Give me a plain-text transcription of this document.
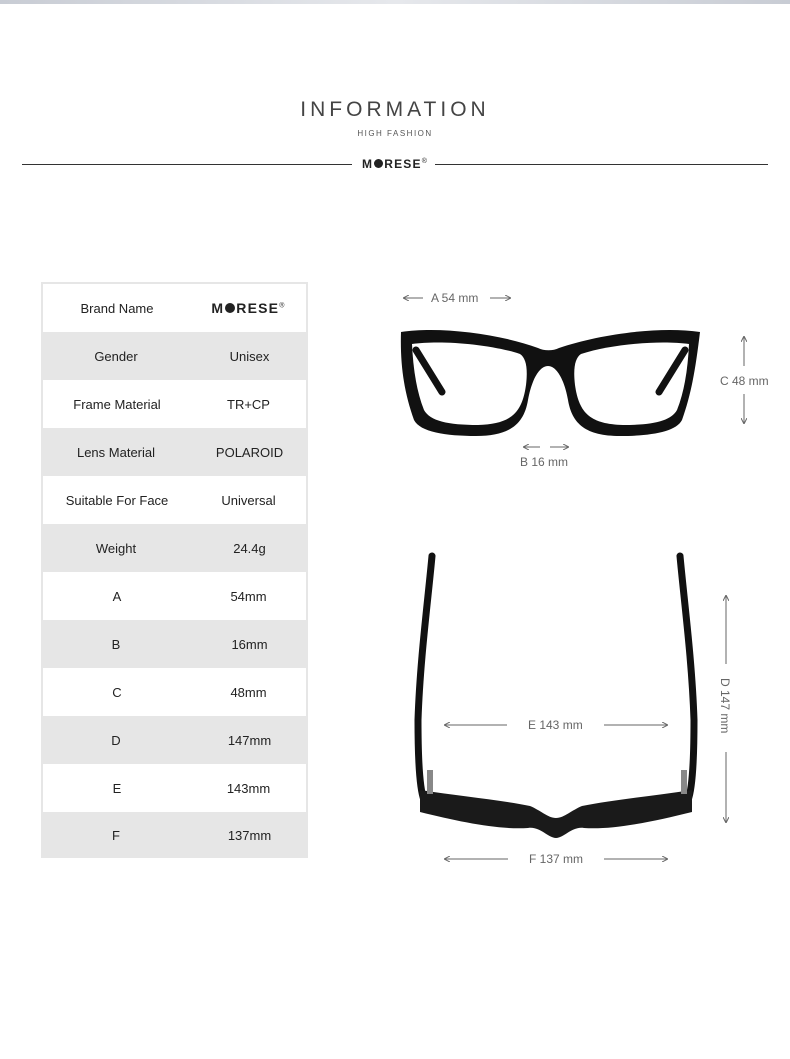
INFORMATION
HIGH FASHION
M RESE®
Brand Name	M RESE®
Gender	Unisex
Frame Material	TR+CP
Lens Material	POLAROID
Suitable For Face	Universal
Weight	24.4g
A	54mm
B	16mm
C	48mm
D	147mm
E	143mm
F	137mm
A 54 mm
B 16 mm
C 48 mm
D 147 mm
E 143 mm
F 137 mm
